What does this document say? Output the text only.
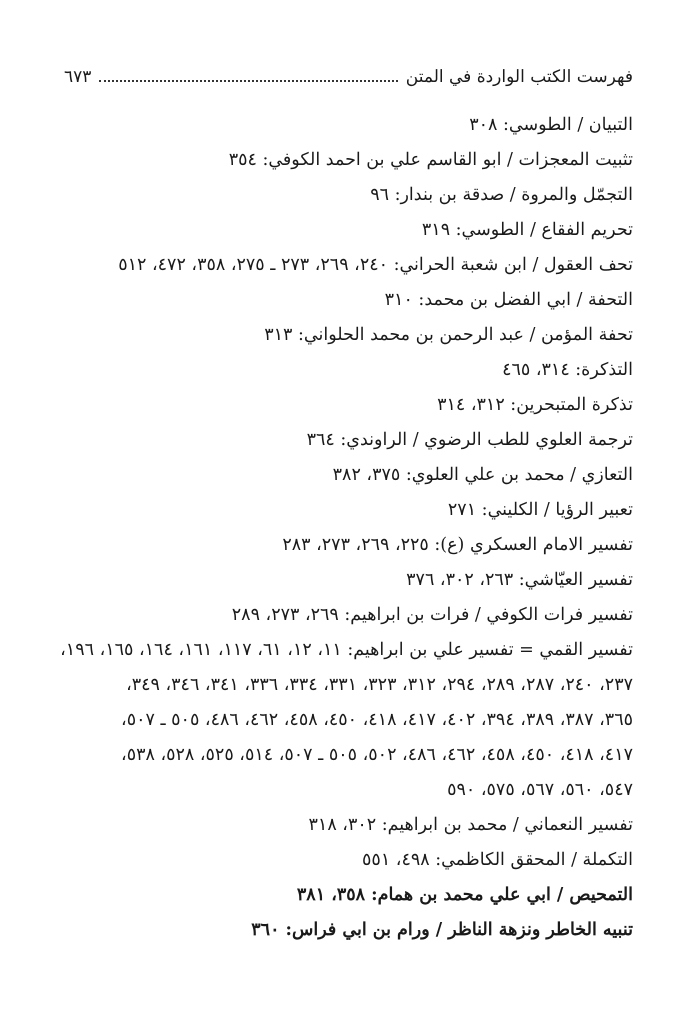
فهرست الكتب الواردة في المتن
٦٧٣
التبيان / الطوسي: ٣٠٨
تثبيت المعجزات / ابو القاسم علي بن احمد الكوفي: ٣٥٤
التجمّل والمروة / صدقة بن بندار: ٩٦
تحريم الفقاع / الطوسي: ٣١٩
تحف العقول / ابن شعبة الحراني: ٢٤٠، ٢٦٩، ٢٧٣ ـ ٢٧٥، ٣٥٨، ٤٧٢، ٥١٢
التحفة / ابي الفضل بن محمد: ٣١٠
تحفة المؤمن / عبد الرحمن بن محمد الحلواني: ٣١٣
التذكرة: ٣١٤، ٤٦٥
تذكرة المتبحرين: ٣١٢، ٣١٤
ترجمة العلوي للطب الرضوي / الراوندي: ٣٦٤
التعازي / محمد بن علي العلوي: ٣٧٥، ٣٨٢
تعبير الرؤيا / الكليني: ٢٧١
تفسير الامام العسكري (ع): ٢٢٥، ٢٦٩، ٢٧٣، ٢٨٣
تفسير العيّاشي: ٢٦٣، ٣٠٢، ٣٧٦
تفسير فرات الكوفي / فرات بن ابراهيم: ٢٦٩، ٢٧٣، ٢٨٩
تفسير القمي = تفسير علي بن ابراهيم: ١١، ١٢، ٦١، ١١٧، ١٦١، ١٦٤، ١٦٥، ١٩٦،
٢٣٧، ٢٤٠، ٢٨٧، ٢٨٩، ٢٩٤، ٣١٢، ٣٢٣، ٣٣١، ٣٣٤، ٣٣٦، ٣٤١، ٣٤٦، ٣٤٩،
٣٦٥، ٣٨٧، ٣٨٩، ٣٩٤، ٤٠٢، ٤١٧، ٤١٨، ٤٥٠، ٤٥٨، ٤٦٢، ٤٨٦، ٥٠٥ ـ ٥٠٧،
٤١٧، ٤١٨، ٤٥٠، ٤٥٨، ٤٦٢، ٤٨٦، ٥٠٢، ٥٠٥ ـ ٥٠٧، ٥١٤، ٥٢٥، ٥٢٨، ٥٣٨،
٥٤٧، ٥٦٠، ٥٦٧، ٥٧٥، ٥٩٠
تفسير النعماني / محمد بن ابراهيم: ٣٠٢، ٣١٨
التكملة / المحقق الكاظمي: ٤٩٨، ٥٥١
التمحيص / ابي علي محمد بن همام: ٣٥٨، ٣٨١
تنبيه الخاطر ونزهة الناظر / ورام بن ابي فراس: ٣٦٠
